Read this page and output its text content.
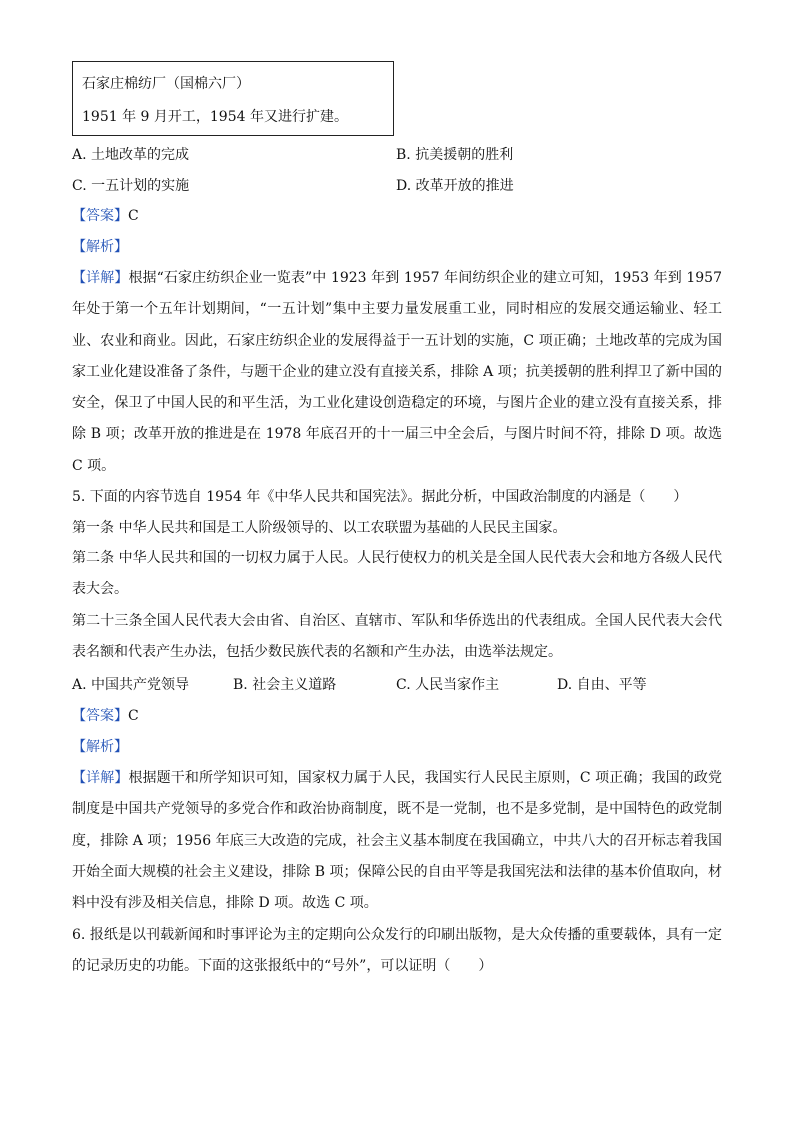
石家庄棉纺厂（国棉六厂）
1951 年 9 月开工，1954 年又进行扩建。
A. 土地改革的完成	B. 抗美援朝的胜利
C. 一五计划的实施	D. 改革开放的推进
【答案】C
【解析】
【详解】根据“石家庄纺织企业一览表”中 1923 年到 1957 年间纺织企业的建立可知，1953 年到 1957 年处于第一个五年计划期间，“一五计划”集中主要力量发展重工业，同时相应的发展交通运输业、轻工业、农业和商业。因此，石家庄纺织企业的发展得益于一五计划的实施，C 项正确；土地改革的完成为国家工业化建设准备了条件，与题干企业的建立没有直接关系，排除 A 项；抗美援朝的胜利捍卫了新中国的安全，保卫了中国人民的和平生活，为工业化建设创造稳定的环境，与图片企业的建立没有直接关系，排除 B 项；改革开放的推进是在 1978 年底召开的十一届三中全会后，与图片时间不符，排除 D 项。故选 C 项。
5. 下面的内容节选自 1954 年《中华人民共和国宪法》。据此分析，中国政治制度的内涵是（　　）
第一条 中华人民共和国是工人阶级领导的、以工农联盟为基础的人民民主国家。
第二条 中华人民共和国的一切权力属于人民。人民行使权力的机关是全国人民代表大会和地方各级人民代表大会。
第二十三条全国人民代表大会由省、自治区、直辖市、军队和华侨选出的代表组成。全国人民代表大会代表名额和代表产生办法，包括少数民族代表的名额和产生办法，由选举法规定。
A. 中国共产党领导	B. 社会主义道路	C. 人民当家作主	D. 自由、平等
【答案】C
【解析】
【详解】根据题干和所学知识可知，国家权力属于人民，我国实行人民民主原则，C 项正确；我国的政党制度是中国共产党领导的多党合作和政治协商制度，既不是一党制，也不是多党制，是中国特色的政党制度，排除 A 项；1956 年底三大改造的完成，社会主义基本制度在我国确立，中共八大的召开标志着我国开始全面大规模的社会主义建设，排除 B 项；保障公民的自由平等是我国宪法和法律的基本价值取向，材料中没有涉及相关信息，排除 D 项。故选 C 项。
6. 报纸是以刊载新闻和时事评论为主的定期向公众发行的印刷出版物，是大众传播的重要载体，具有一定的记录历史的功能。下面的这张报纸中的“号外”，可以证明（　　）
